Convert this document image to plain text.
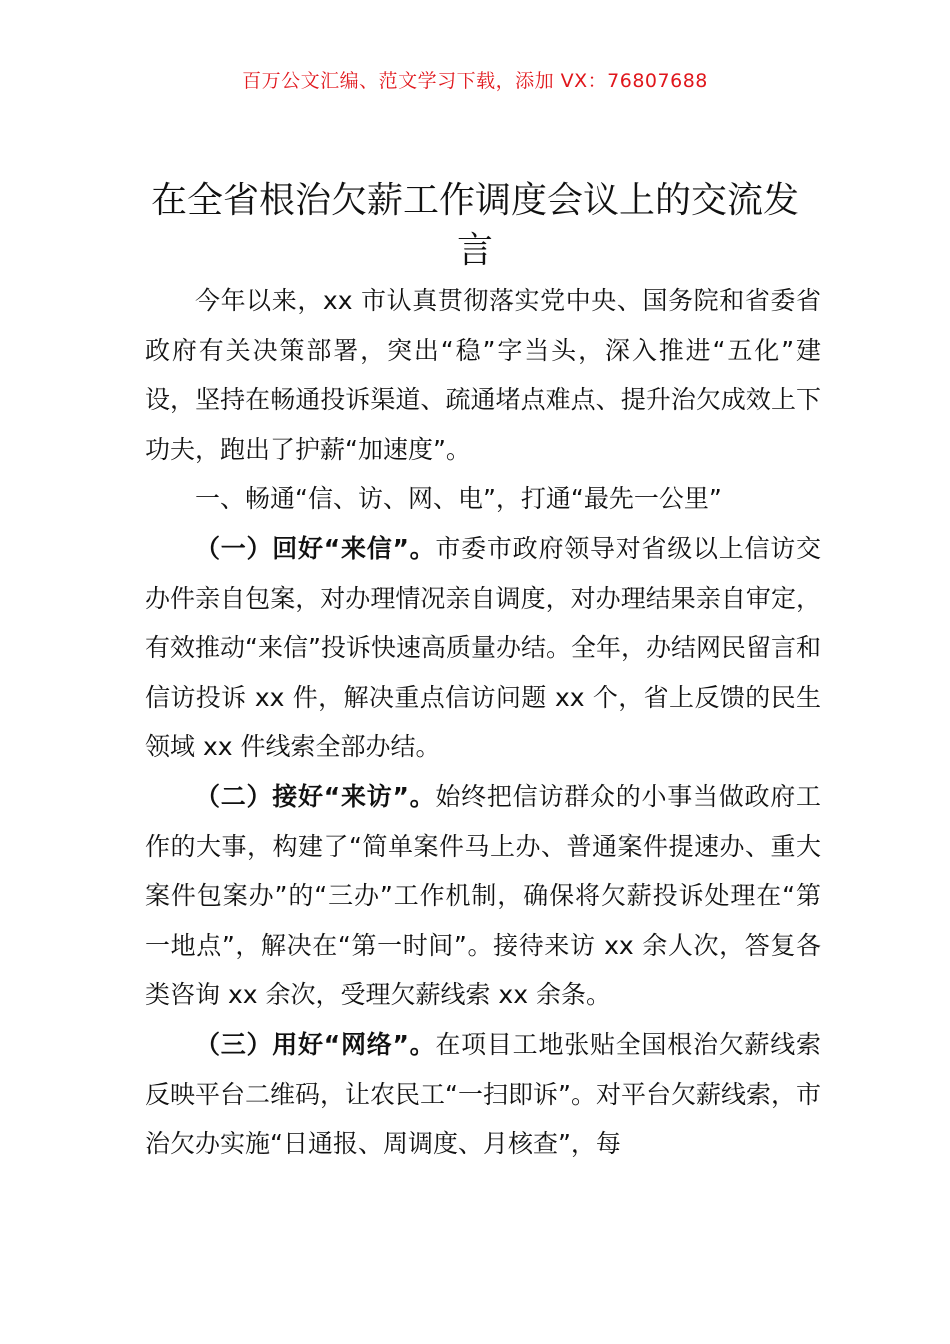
百万公文汇编、范文学习下载，添加 VX：76807688
在全省根治欠薪工作调度会议上的交流发言

今年以来，xx 市认真贯彻落实党中央、国务院和省委省政府有关决策部署，突出“稳”字当头，深入推进“五化”建设，坚持在畅通投诉渠道、疏通堵点难点、提升治欠成效上下功夫，跑出了护薪“加速度”。

一、畅通“信、访、网、电”，打通“最先一公里”

（一）回好“来信”。市委市政府领导对省级以上信访交办件亲自包案，对办理情况亲自调度，对办理结果亲自审定，有效推动“来信”投诉快速高质量办结。全年，办结网民留言和信访投诉 xx 件，解决重点信访问题 xx 个，省上反馈的民生领域 xx 件线索全部办结。

（二）接好“来访”。始终把信访群众的小事当做政府工作的大事，构建了“简单案件马上办、普通案件提速办、重大案件包案办”的“三办”工作机制，确保将欠薪投诉处理在“第一地点”，解决在“第一时间”。接待来访 xx 余人次，答复各类咨询 xx 余次，受理欠薪线索 xx 余条。

（三）用好“网络”。在项目工地张贴全国根治欠薪线索反映平台二维码，让农民工“一扫即诉”。对平台欠薪线索，市治欠办实施“日通报、周调度、月核查”，每
